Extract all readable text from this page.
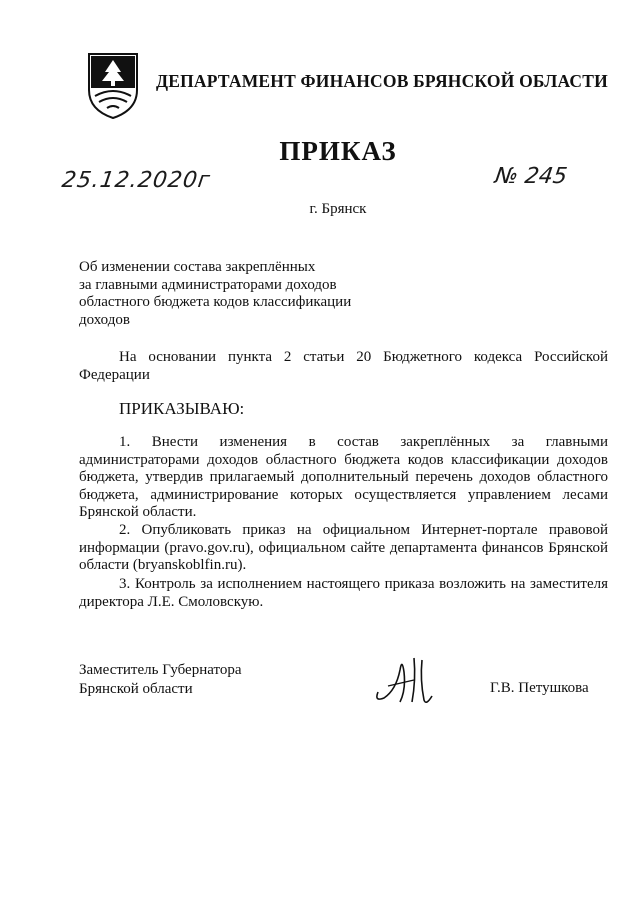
ДЕПАРТАМЕНТ ФИНАНСОВ БРЯНСКОЙ ОБЛАСТИ
ПРИКАЗ
25.12.2020г	№ 245
г. Брянск
Об изменении состава закреплённых
за главными администраторами доходов
областного бюджета кодов классификации
доходов

На основании пункта 2 статьи 20 Бюджетного кодекса Российской Федерации

ПРИКАЗЫВАЮ:

1. Внести изменения в состав закреплённых за главными администраторами доходов областного бюджета кодов классификации доходов бюджета, утвердив прилагаемый дополнительный перечень доходов областного бюджета, администрирование которых осуществляется управлением лесами Брянской области.

2. Опубликовать приказ на официальном Интернет-портале правовой информации (pravo.gov.ru), официальном сайте департамента финансов Брянской области (bryanskoblfin.ru).

3. Контроль за исполнением настоящего приказа возложить на заместителя директора Л.Е. Смоловскую.

Заместитель Губернатора
Брянской области	Г.В. Петушкова
